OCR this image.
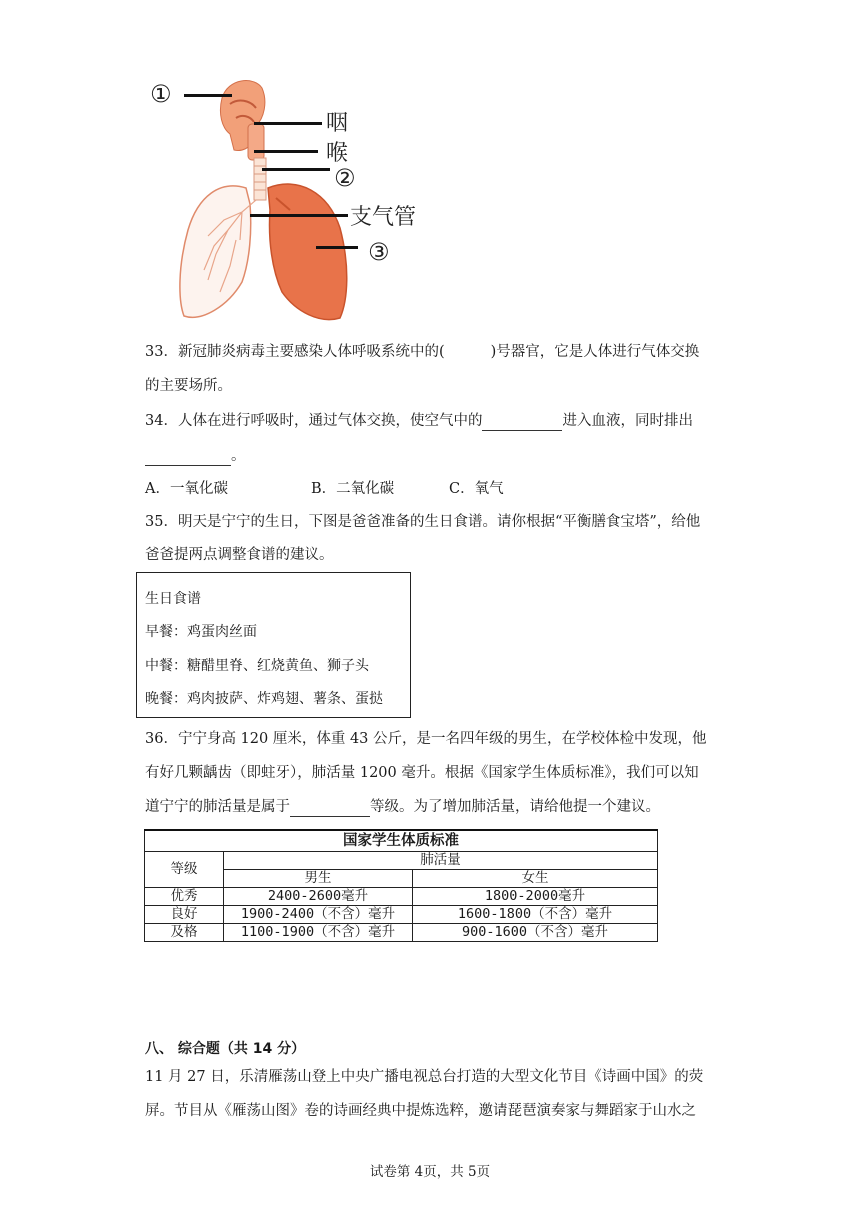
①
咽
喉
②
支气管
③
33．新冠肺炎病毒主要感染人体呼吸系统中的(	)号器官，它是人体进行气体交换
的主要场所。
34．人体在进行呼吸时，通过气体交换，使空气中的	进入血液，同时排出
。
A．一氧化碳	B．二氧化碳	C．氧气
35．明天是宁宁的生日，下图是爸爸准备的生日食谱。请你根据“平衡膳食宝塔”，给他
爸爸提两点调整食谱的建议。
生日食谱
早餐：鸡蛋肉丝面
中餐：糖醋里脊、红烧黄鱼、狮子头
晚餐：鸡肉披萨、炸鸡翅、薯条、蛋挞
36．宁宁身高 120 厘米，体重 43 公斤，是一名四年级的男生，在学校体检中发现，他
有好几颗龋齿（即蛀牙），肺活量 1200 毫升。根据《国家学生体质标准》，我们可以知
道宁宁的肺活量是属于	等级。为了增加肺活量，请给他提一个建议。
国家学生体质标准		
等级	肺活量	
	男生	女生
优秀	2400-2600毫升	1800-2000毫升
良好	1900-2400（不含）毫升	1600-1800（不含）毫升
及格	1100-1900（不含）毫升	900-1600（不含）毫升
八、 综合题（共 14 分）
11 月 27 日，乐清雁荡山登上中央广播电视总台打造的大型文化节目《诗画中国》的荧
屏。节目从《雁荡山图》卷的诗画经典中提炼选粹，邀请琵琶演奏家与舞蹈家于山水之
试卷第 4页，共 5页
